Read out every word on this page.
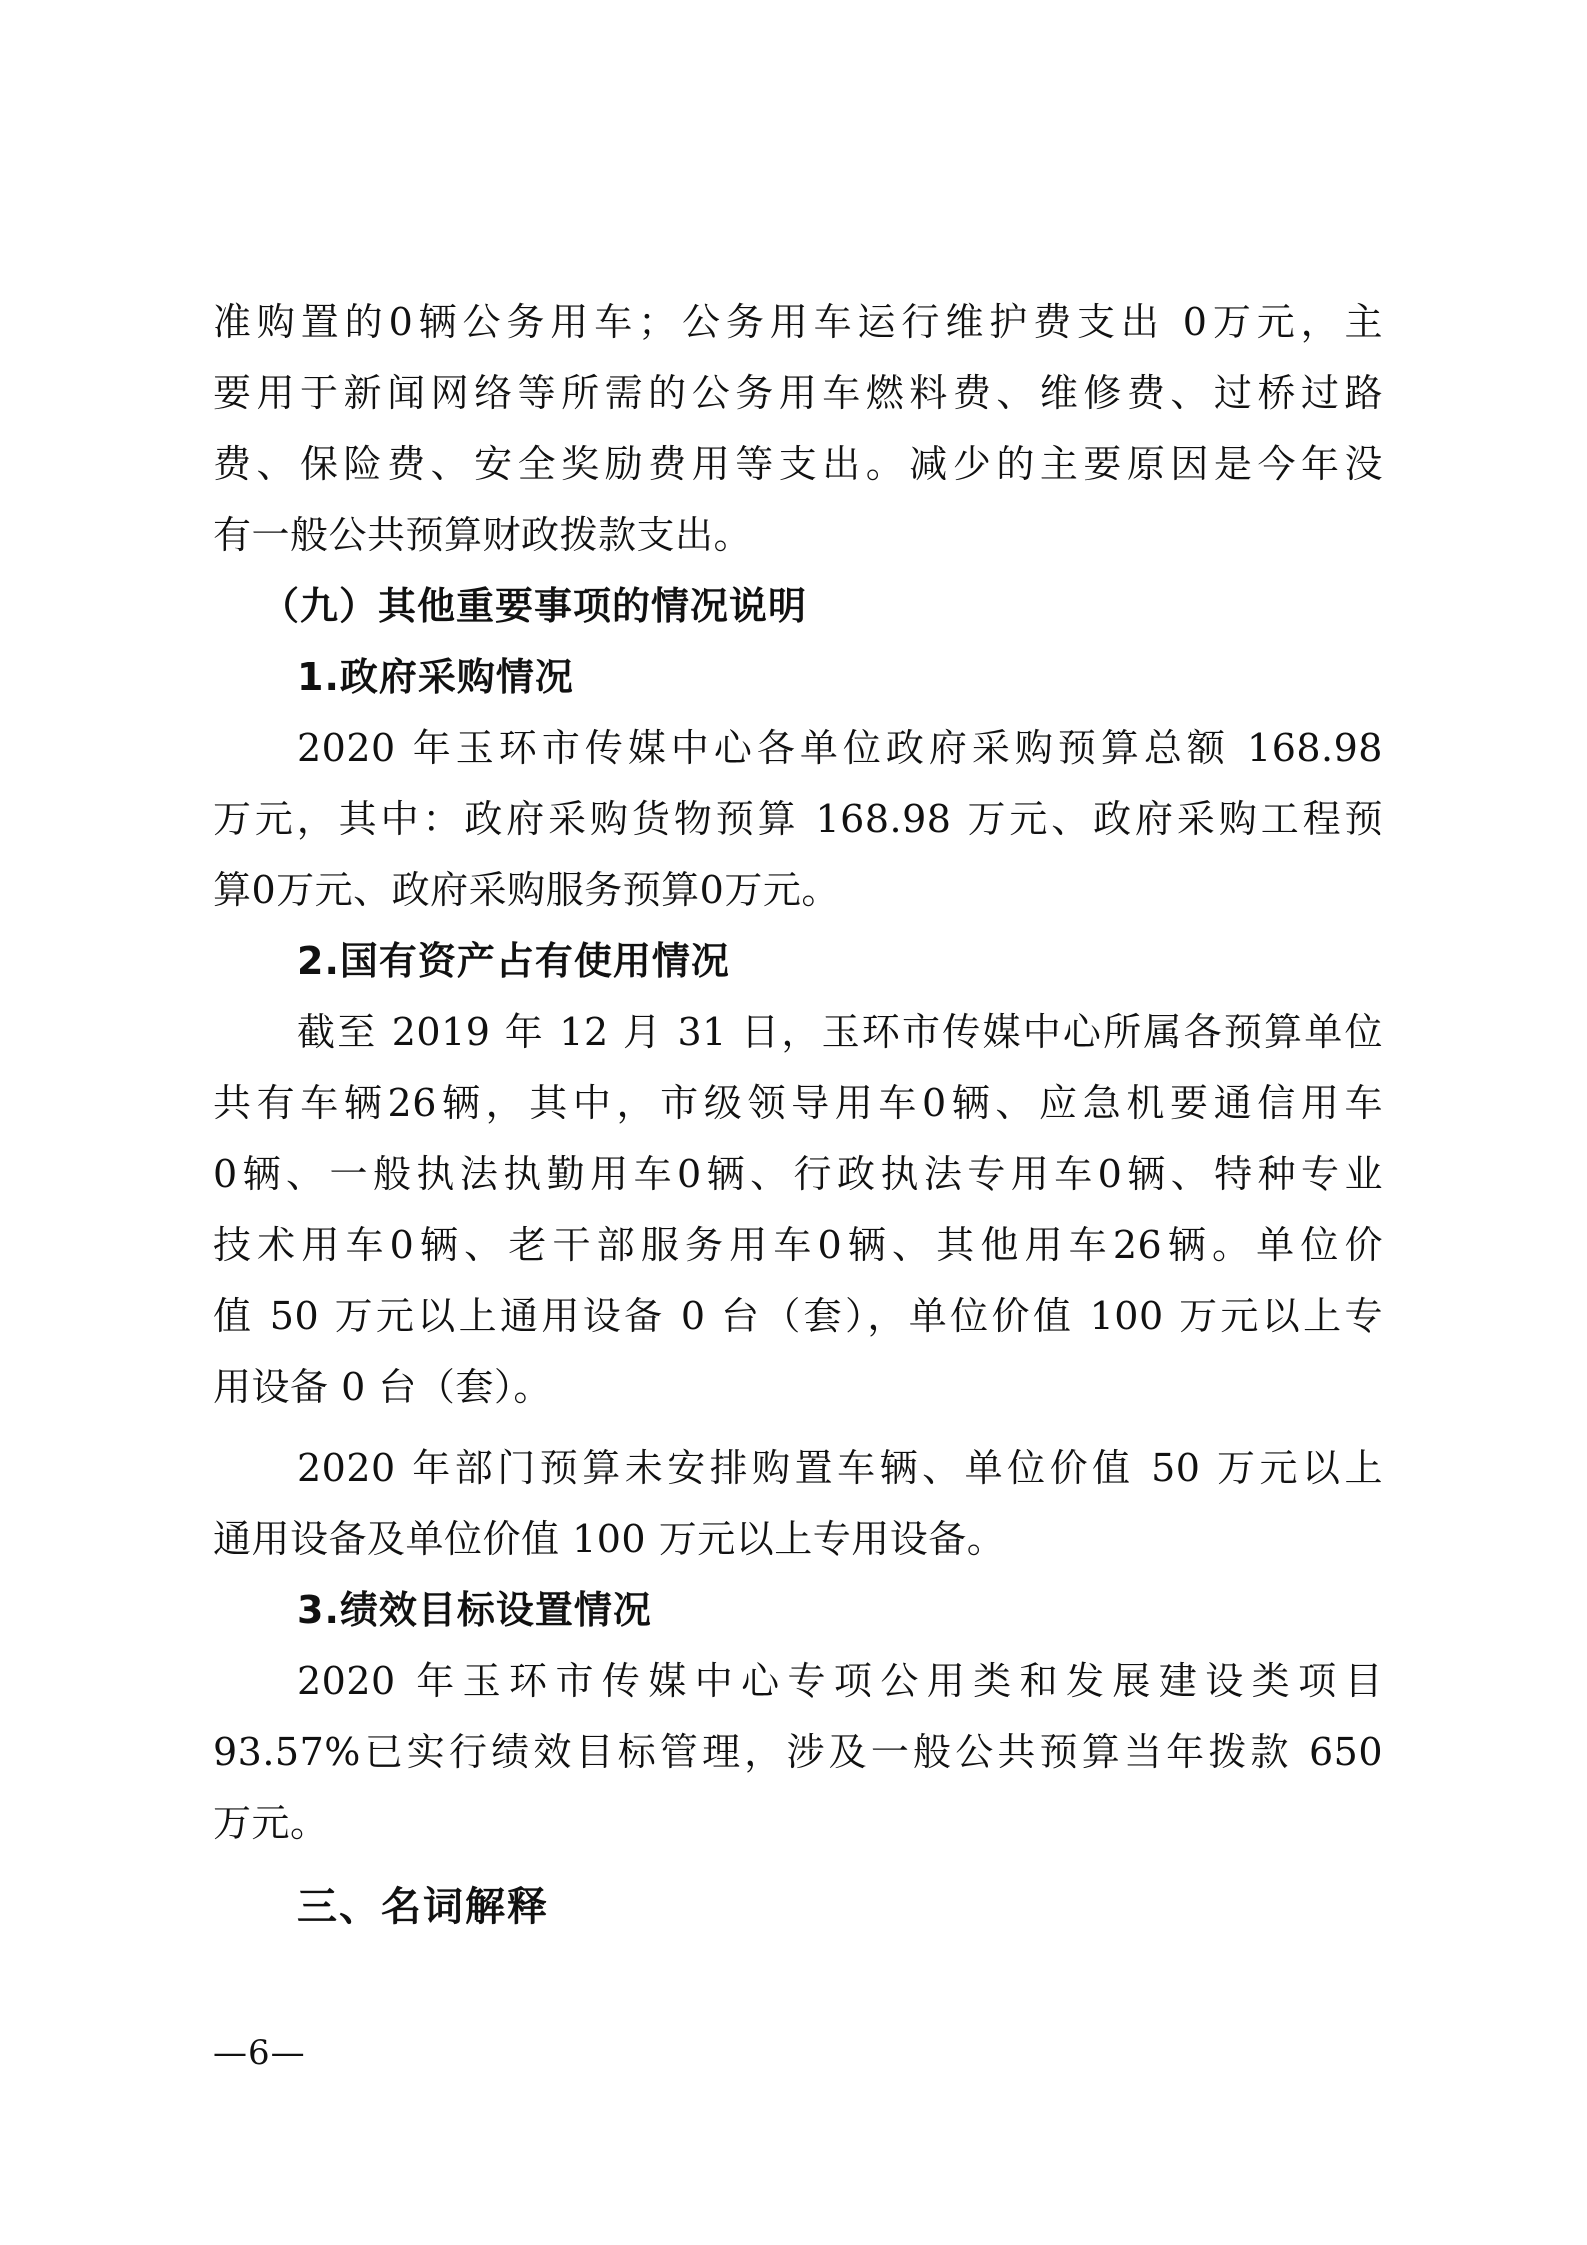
准购置的0辆公务用车；公务用车运行维护费支出 0万元，主
要用于新闻网络等所需的公务用车燃料费、维修费、过桥过路
费、保险费、安全奖励费用等支出。减少的主要原因是今年没
有一般公共预算财政拨款支出。
（九）其他重要事项的情况说明
1.政府采购情况
2020 年玉环市传媒中心各单位政府采购预算总额 168.98
万元，其中：政府采购货物预算 168.98 万元、政府采购工程预
算0万元、政府采购服务预算0万元。
2.国有资产占有使用情况
截至 2019 年 12 月 31 日，玉环市传媒中心所属各预算单位
共有车辆26辆，其中，市级领导用车0辆、应急机要通信用车
0辆、一般执法执勤用车0辆、行政执法专用车0辆、特种专业
技术用车0辆、老干部服务用车0辆、其他用车26辆。单位价
值 50 万元以上通用设备 0 台（套），单位价值 100 万元以上专
用设备 0 台（套）。
2020 年部门预算未安排购置车辆、单位价值 50 万元以上
通用设备及单位价值 100 万元以上专用设备。
3.绩效目标设置情况
2020 年玉环市传媒中心专项公用类和发展建设类项目
93.57%已实行绩效目标管理，涉及一般公共预算当年拨款 650
万元。
三、名词解释
—6—
